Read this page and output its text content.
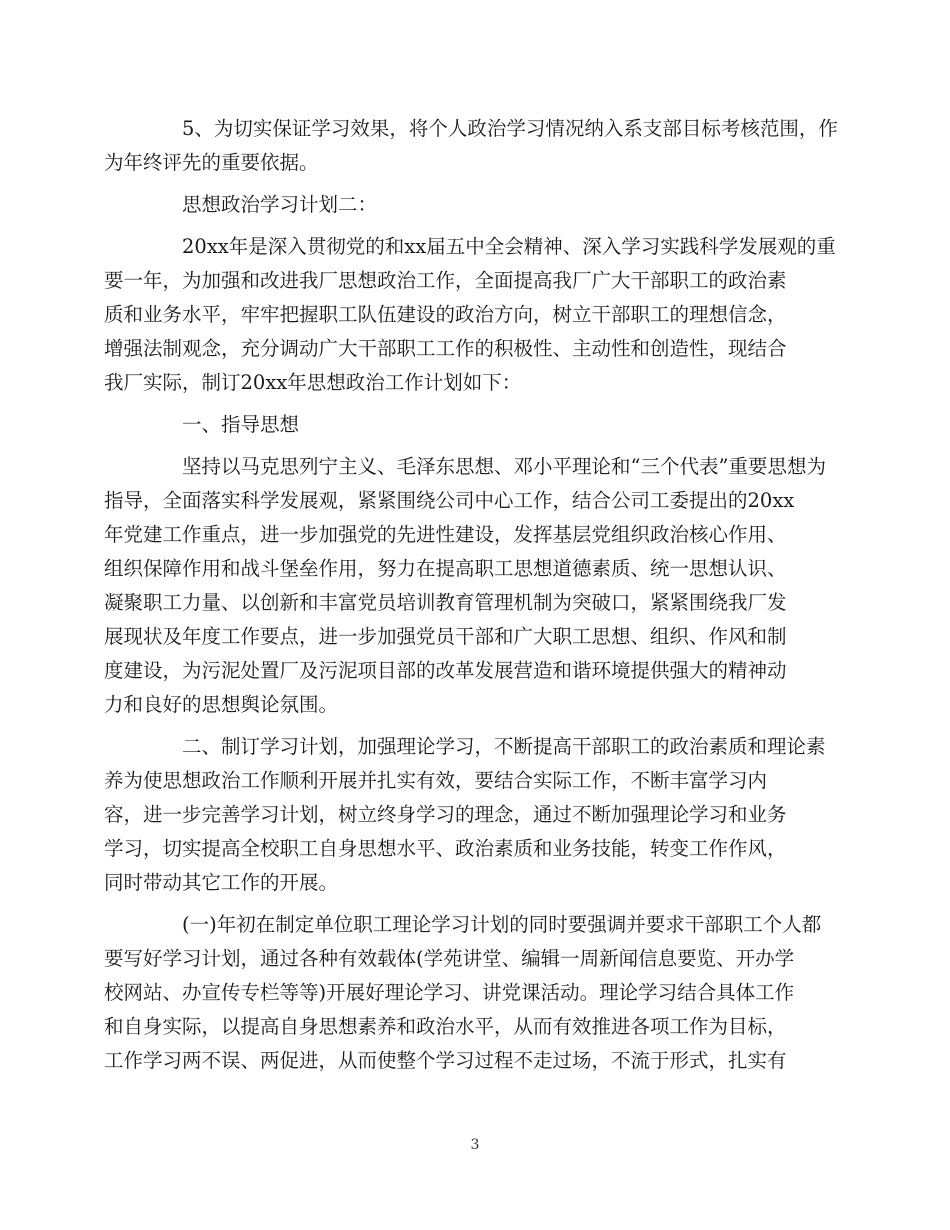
5、为切实保证学习效果，将个人政治学习情况纳入系支部目标考核范围，作
为年终评先的重要依据。

思想政治学习计划二：

20xx年是深入贯彻党的和xx届五中全会精神、深入学习实践科学发展观的重
要一年，为加强和改进我厂思想政治工作，全面提高我厂广大干部职工的政治素
质和业务水平，牢牢把握职工队伍建设的政治方向，树立干部职工的理想信念，
增强法制观念，充分调动广大干部职工工作的积极性、主动性和创造性，现结合
我厂实际，制订20xx年思想政治工作计划如下：

一、指导思想

坚持以马克思列宁主义、毛泽东思想、邓小平理论和“三个代表”重要思想为
指导，全面落实科学发展观，紧紧围绕公司中心工作，结合公司工委提出的20xx
年党建工作重点，进一步加强党的先进性建设，发挥基层党组织政治核心作用、
组织保障作用和战斗堡垒作用，努力在提高职工思想道德素质、统一思想认识、
凝聚职工力量、以创新和丰富党员培训教育管理机制为突破口，紧紧围绕我厂发
展现状及年度工作要点，进一步加强党员干部和广大职工思想、组织、作风和制
度建设，为污泥处置厂及污泥项目部的改革发展营造和谐环境提供强大的精神动
力和良好的思想舆论氛围。

二、制订学习计划，加强理论学习，不断提高干部职工的政治素质和理论素
养为使思想政治工作顺利开展并扎实有效，要结合实际工作，不断丰富学习内
容，进一步完善学习计划，树立终身学习的理念，通过不断加强理论学习和业务
学习，切实提高全校职工自身思想水平、政治素质和业务技能，转变工作作风，
同时带动其它工作的开展。

(一)年初在制定单位职工理论学习计划的同时要强调并要求干部职工个人都
要写好学习计划，通过各种有效载体(学苑讲堂、编辑一周新闻信息要览、开办学
校网站、办宣传专栏等等)开展好理论学习、讲党课活动。理论学习结合具体工作
和自身实际，以提高自身思想素养和政治水平，从而有效推进各项工作为目标，
工作学习两不误、两促进，从而使整个学习过程不走过场，不流于形式，扎实有

3
